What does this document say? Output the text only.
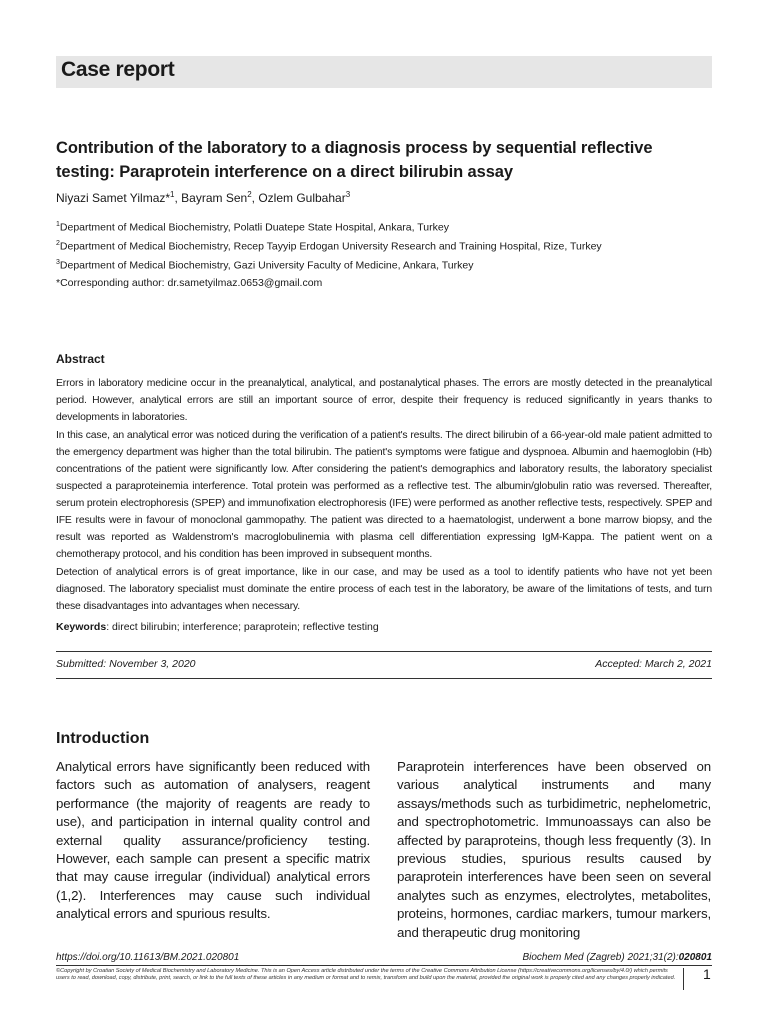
Case report
Contribution of the laboratory to a diagnosis process by sequential reflective
testing: Paraprotein interference on a direct bilirubin assay
Niyazi Samet Yilmaz*$^1$, Bayram Sen$^2$, Ozlem Gulbahar$^3$
$^1$Department of Medical Biochemistry, Polatli Duatepe State Hospital, Ankara, Turkey
$^2$Department of Medical Biochemistry, Recep Tayyip Erdogan University Research and Training Hospital, Rize, Turkey
$^3$Department of Medical Biochemistry, Gazi University Faculty of Medicine, Ankara, Turkey
*Corresponding author: dr.sametyilmaz.0653@gmail.com
Abstract

Errors in laboratory medicine occur in the preanalytical, analytical, and postanalytical phases. The errors are mostly detected in the preanalytical period. However, analytical errors are still an important source of error, despite their frequency is reduced significantly in years thanks to developments in laboratories.

In this case, an analytical error was noticed during the verification of a patient's results. The direct bilirubin of a 66-year-old male patient admitted to the emergency department was higher than the total bilirubin. The patient's symptoms were fatigue and dyspnoea. Albumin and haemoglobin (Hb) concentrations of the patient were significantly low. After considering the patient's demographics and laboratory results, the laboratory specialist suspected a paraproteinemia interference. Total protein was performed as a reflective test. The albumin/globulin ratio was reversed. Thereafter, serum protein electrophoresis (SPEP) and immunofixation electrophoresis (IFE) were performed as another reflective tests, respectively. SPEP and IFE results were in favour of monoclonal gammopathy. The patient was directed to a haematologist, underwent a bone marrow biopsy, and the result was reported as Waldenstrom's macroglobulinemia with plasma cell differentiation expressing IgM-Kappa. The patient went on a chemotherapy protocol, and his condition has been improved in subsequent months.

Detection of analytical errors is of great importance, like in our case, and may be used as a tool to identify patients who have not yet been diagnosed. The laboratory specialist must dominate the entire process of each test in the laboratory, be aware of the limitations of tests, and turn these disadvantages into advantages when necessary.

Keywords: direct bilirubin; interference; paraprotein; reflective testing
Submitted: November 3, 2020	Accepted: March 2, 2021
Introduction
Analytical errors have significantly been reduced with factors such as automation of analysers, reagent performance (the majority of reagents are ready to use), and participation in internal quality control and external quality assurance/proficiency testing. However, each sample can present a specific matrix that may cause irregular (individual) analytical errors (1,2). Interferences may cause such individual analytical errors and spurious results.
Paraprotein interferences have been observed on various analytical instruments and many assays/methods such as turbidimetric, nephelometric, and spectrophotometric. Immunoassays can also be affected by paraproteins, though less frequently (3). In previous studies, spurious results caused by paraprotein interferences have been seen on several analytes such as enzymes, electrolytes, metabolites, proteins, hormones, cardiac markers, tumour markers, and therapeutic drug monitoring
https://doi.org/10.11613/BM.2021.020801	Biochem Med (Zagreb) 2021;31(2):020801
©Copyright by Croatian Society of Medical Biochemistry and Laboratory Medicine. This is an Open Access article distributed under the terms of the Creative Commons Attribution License (https://creativecommons.org/licenses/by/4.0/) which permits users to read, download, copy, distribute, print, search, or link to the full texts of these articles in any medium or format and to remix, transform and build upon the material, provided the original work is properly cited and any changes properly indicated.	1
